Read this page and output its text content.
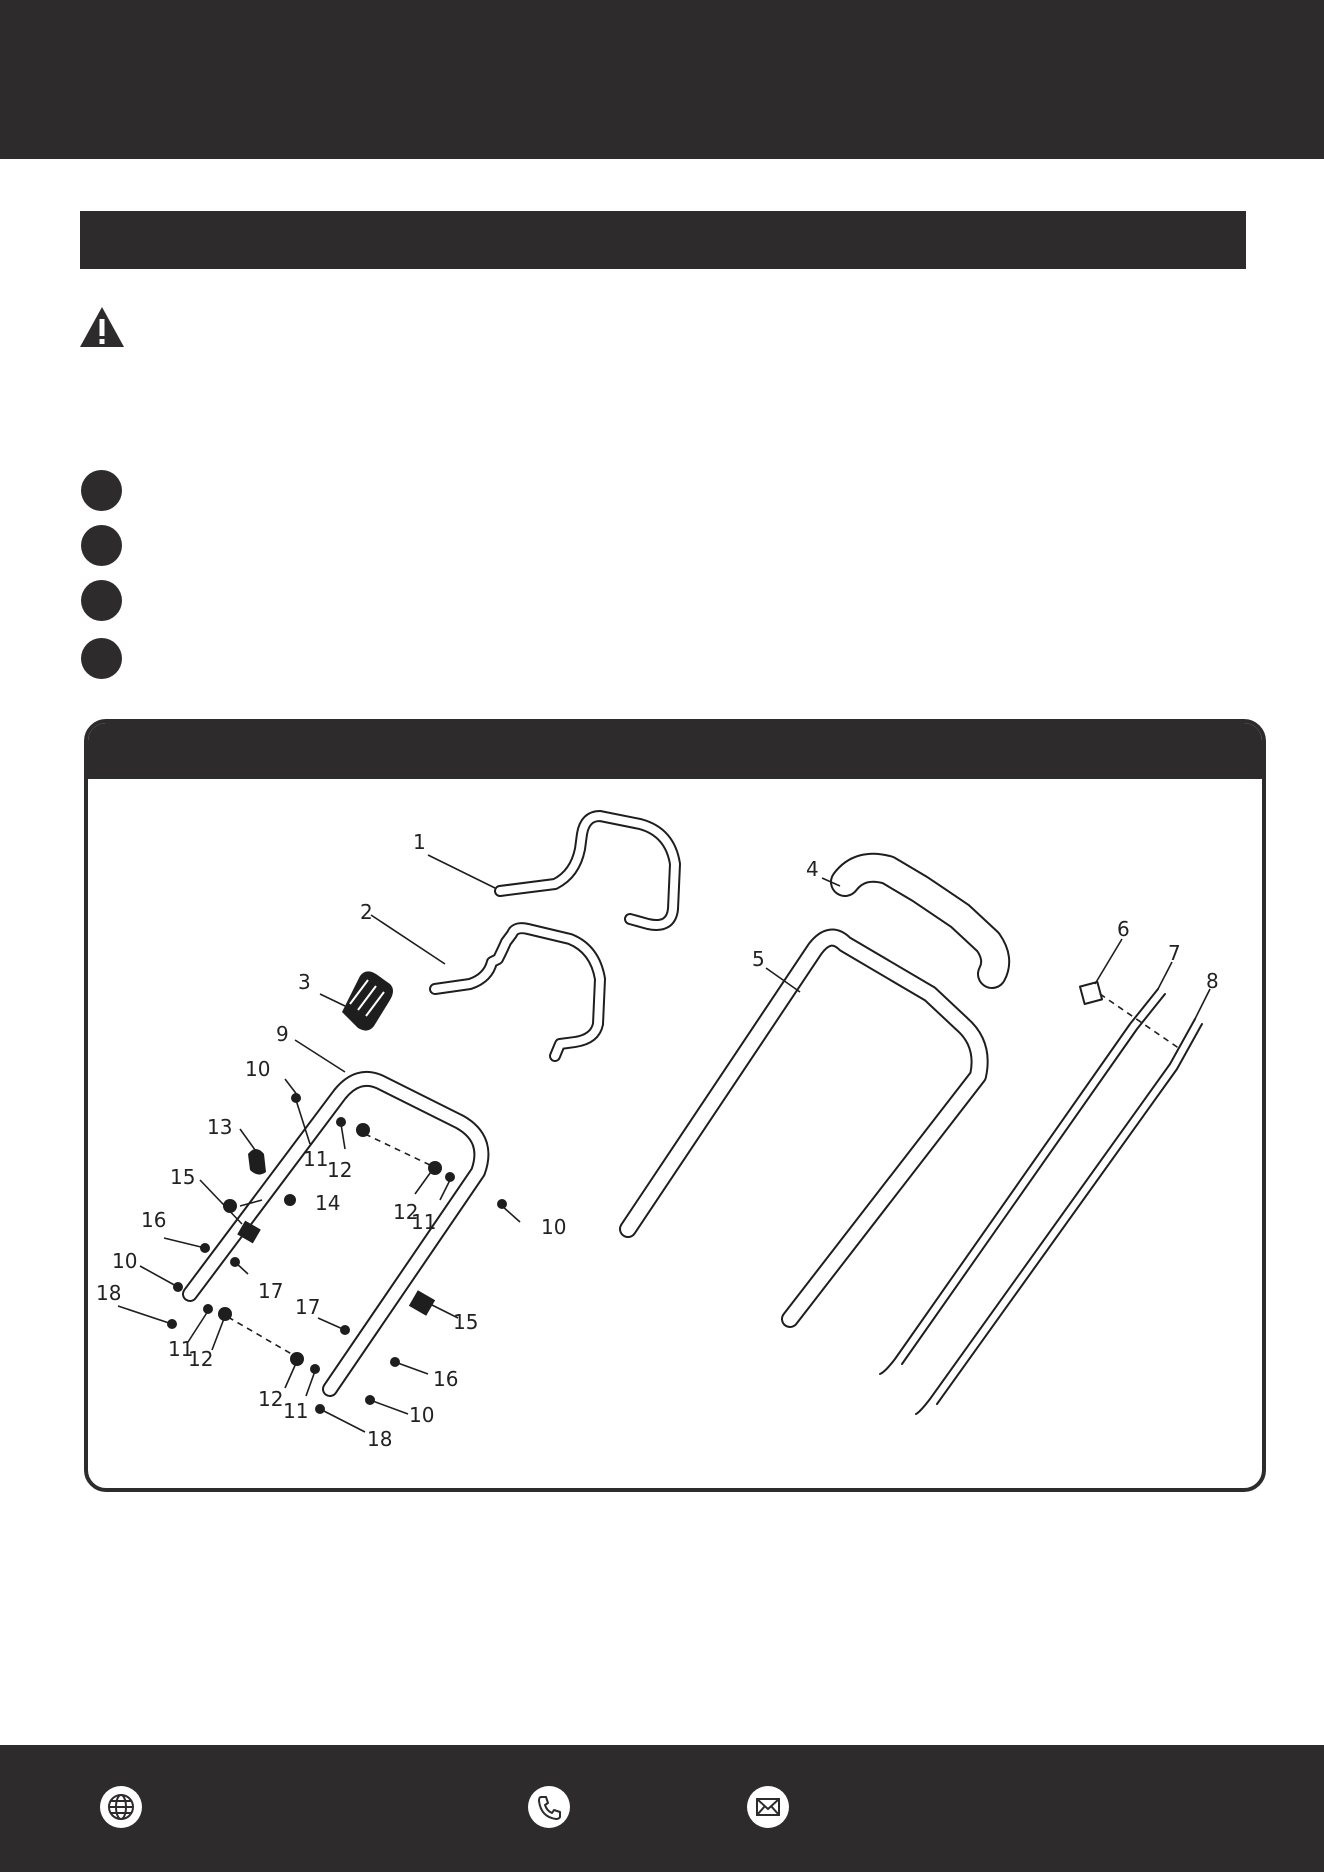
1
2
3
4
5
6
7
8
9
10
10
10
10
11
11
11
11
12
12
12
12
13
14
15
15
16
16
17
17
18
18
